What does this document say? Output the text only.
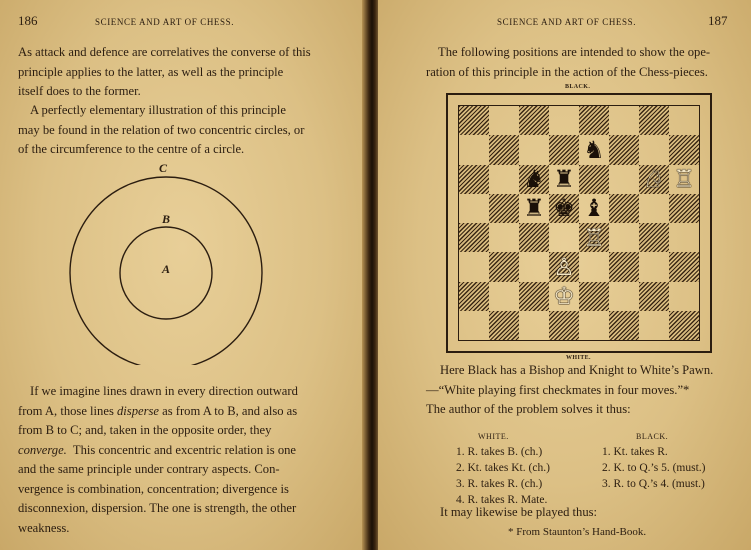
186	SCIENCE AND ART OF CHESS.
As attack and defence are correlatives the converse of this
principle applies to the latter, as well as the principle
itself does to the former.
A perfectly elementary illustration of this principle
may be found in the relation of two concentric circles, or
of the circumference to the centre of a circle.
C
B
A
If we imagine lines drawn in every direction outward
from A, those lines disperse as from A to B, and also as
from B to C; and, taken in the opposite order, they
converge. This concentric and excentric relation is one
and the same principle under contrary aspects. Con-
vergence is combination, concentration; divergence is
disconnexion, dispersion. The one is strength, the other
weakness.
SCIENCE AND ART OF CHESS.	187
The following positions are intended to show the ope-
ration of this principle in the action of the Chess-pieces.
BLACK.
♞
♞ ♜	♘ ♖
♜ ♚ ♝
♖
♙
♔
WHITE.
Here Black has a Bishop and Knight to White’s Pawn.
—“White playing first checkmates in four moves.”*
The author of the problem solves it thus:
WHITE.	BLACK.
1. R. takes B. (ch.)	1. Kt. takes R.
2. Kt. takes Kt. (ch.)	2. K. to Q.’s 5. (must.)
3. R. takes R. (ch.)	3. R. to Q.’s 4. (must.)
4. R. takes R. Mate.
It may likewise be played thus:
* From Staunton’s Hand-Book.
